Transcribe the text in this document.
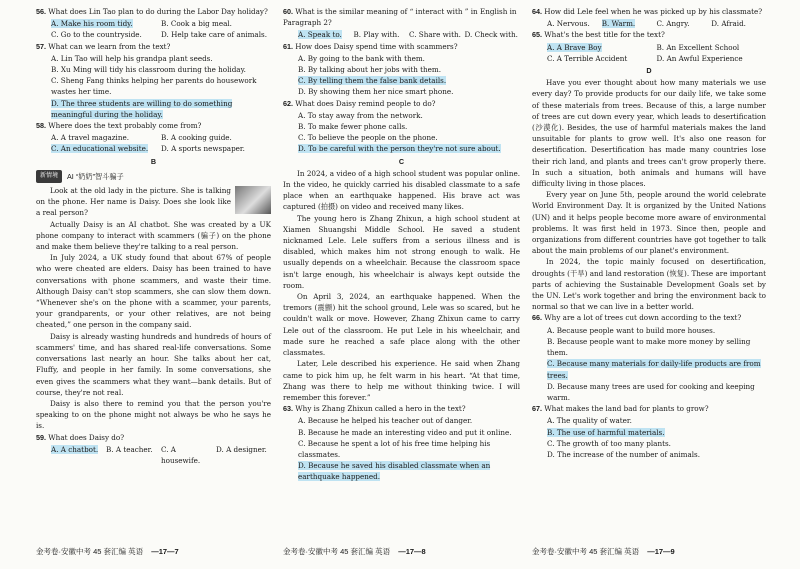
56. What does Lin Tao plan to do during the Labor Day holiday?
A. Make his room tidy.	B. Cook a big meal.
C. Go to the countryside.	D. Help take care of animals.
57. What can we learn from the text?
A. Lin Tao will help his grandpa plant seeds.
B. Xu Ming will tidy his classroom during the holiday.
C. Sheng Fang thinks helping her parents do housework wastes her time.
D. The three students are willing to do something meaningful during the holiday.
58. Where does the text probably come from?
A. A travel magazine.	B. A cooking guide.
C. An educational website.	D. A sports newspaper.
B
新情境	AI “奶奶”智斗骗子

Look at the old lady in the picture. She is talking on the phone. Her name is Daisy. Does she look like a real person?

Actually Daisy is an AI chatbot. She was created by a UK phone company to interact with scammers (骗子) on the phone and make them believe they're talking to a real person.

In July 2024, a UK study found that about 67% of people who were cheated are elders. Daisy has been trained to have conversations with phone scammers, and waste their time. Although Daisy can't stop scammers, she can slow them down. “Whenever she's on the phone with a scammer, your parents, your grandparents, or your other relatives, are not being cheated,” one person in the company said.

Daisy is already wasting hundreds and hundreds of hours of scammers' time, and has shared real-life conversations. Some conversations last nearly an hour. She talks about her cat, Fluffy, and people in her family. In some conversations, she even gives the scammers what they want—bank details. But of course, they're not real.

Daisy is also there to remind you that the person you're speaking to on the phone might not always be who he says he is.

59. What does Daisy do?
A. A chatbot.	B. A teacher.	C. A housewife.
D. A designer.
60. What is the similar meaning of “ interact with ” in English in Paragraph 2?
A. Speak to.	B. Play with.	C. Share with. D. Check with.
61. How does Daisy spend time with scammers?
A. By going to the bank with them.
B. By talking about her jobs with them.
C. By telling them the false bank details.
D. By showing them her nice smart phone.
62. What does Daisy remind people to do?
A. To stay away from the network.
B. To make fewer phone calls.
C. To believe the people on the phone.
D. To be careful with the person they're not sure about.
C

In 2024, a video of a high school student was popular online. In the video, he quickly carried his disabled classmate to a safe place when an earthquake happened. His brave act was captured (拍摄) on video and received many likes.

The young hero is Zhang Zhixun, a high school student at Xiamen Shuangshi Middle School. He saved a student nicknamed Lele. Lele suffers from a serious illness and is disabled, which makes him not strong enough to walk. He usually depends on a wheelchair. Because the classroom space isn't large enough, his wheelchair is always kept outside the room.

On April 3, 2024, an earthquake happened. When the tremors (震颤) hit the school ground, Lele was so scared, but he couldn't walk or move. However, Zhang Zhixun came to carry Lele out of the classroom. He put Lele in his wheelchair, and made sure he reached a safe place along with the other classmates.

Later, Lele described his experience. He said when Zhang came to pick him up, he felt warm in his heart. “At that time, Zhang was there to help me without thinking twice. I will remember this forever.”

63. Why is Zhang Zhixun called a hero in the text?
A. Because he helped his teacher out of danger.
B. Because he made an interesting video and put it online.
C. Because he spent a lot of his free time helping his classmates.
D. Because he saved his disabled classmate when an earthquake happened.
64. How did Lele feel when he was picked up by his classmate?
A. Nervous.	B. Warm.	C. Angry.	D. Afraid.
65. What's the best title for the text?
A. A Brave Boy	B. An Excellent School
C. A Terrible Accident	D. An Awful Experience
D

Have you ever thought about how many materials we use every day? To provide products for our daily life, we take some of these materials from trees. Because of this, a large number of trees are cut down every year, which leads to desertification (沙漠化). Besides, the use of harmful materials makes the land unsuitable for plants to grow well. It's also one reason for desertification. Desertification has made many countries lose their rich land, and plants and trees can't grow properly there. In such a situation, both animals and humans will have difficulty living in those places.

Every year on June 5th, people around the world celebrate World Environment Day. It is organized by the United Nations (UN) and it helps people become more aware of environmental problems. It was first held in 1973. Since then, people and organizations from different countries have got together to talk about the main problems of our planet's environment.

In 2024, the topic mainly focused on desertification, droughts (干旱) and land restoration (恢复). These are important parts of achieving the Sustainable Development Goals set by the UN. Let's work together and bring the environment back to normal so that we can live in a better world.

66. Why are a lot of trees cut down according to the text?
A. Because people want to build more houses.
B. Because people want to make more money by selling them.
C. Because many materials for daily-life products are from trees.
D. Because many trees are used for cooking and keeping warm.
67. What makes the land bad for plants to grow?
A. The quality of water.
B. The use of harmful materials.
C. The growth of too many plants.
D. The increase of the number of animals.
金考卷·安徽中考 45 套汇编 英语 —17—7	金考卷·安徽中考 45 套汇编 英语 —17—8	金考卷·安徽中考 45 套汇编 英语 —17—9
